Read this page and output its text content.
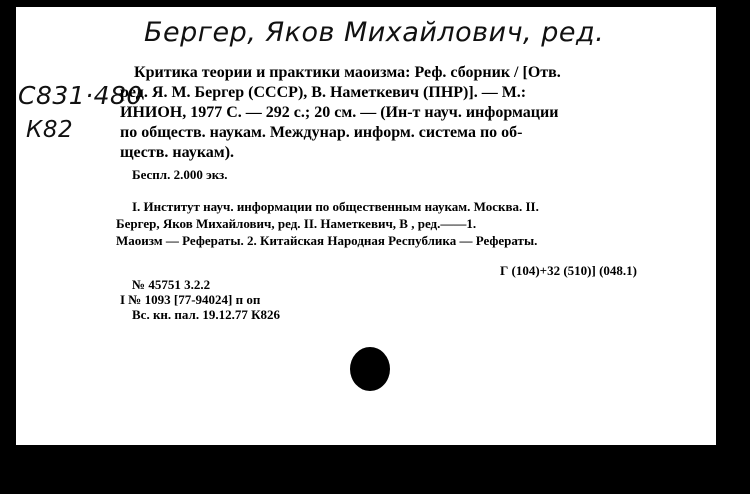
Бергер, Яков Михайлович, ред.
С831·480
К82
Критика теории и практики маоизма: Реф. сборник / [Отв.
ред. Я. М. Бергер (СССР), В. Наметкевич (ПНР)]. — М.:
ИНИОН, 1977 С. — 292 с.; 20 см. — (Ин-т науч. информации
по обществ. наукам. Междунар. информ. система по об-
ществ. наукам).
Беспл. 2.000 экз.
I. Институт науч. информации по общественным наукам. Москва. II.
Бергер, Яков Михайлович, ред. II. Наметкевич, В , ред.——1.
Маоизм — Рефераты. 2. Китайская Народная Республика — Рефераты.
Г (104)+32 (510)] (048.1)
№ 45751 3.2.2
I № 1093 [77-94024] п оп
Вс. кн. пал. 19.12.77 К826
